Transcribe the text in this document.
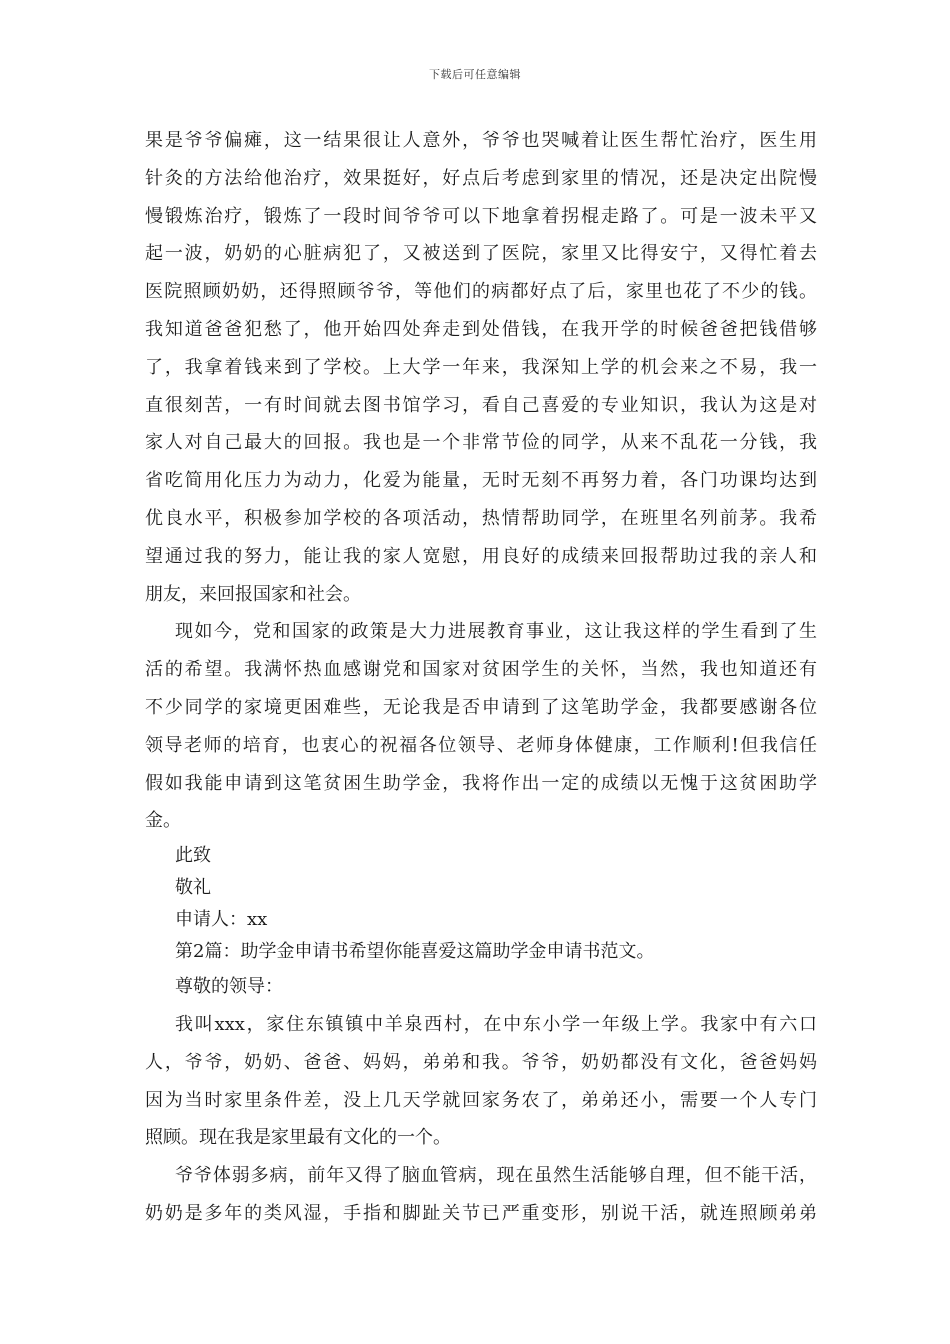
下载后可任意编辑
果是爷爷偏瘫，这一结果很让人意外，爷爷也哭喊着让医生帮忙治疗，医生用
针灸的方法给他治疗，效果挺好，好点后考虑到家里的情况，还是决定出院慢
慢锻炼治疗，锻炼了一段时间爷爷可以下地拿着拐棍走路了。可是一波未平又
起一波，奶奶的心脏病犯了，又被送到了医院，家里又比得安宁，又得忙着去
医院照顾奶奶，还得照顾爷爷，等他们的病都好点了后，家里也花了不少的钱。
我知道爸爸犯愁了，他开始四处奔走到处借钱，在我开学的时候爸爸把钱借够
了，我拿着钱来到了学校。上大学一年来，我深知上学的机会来之不易，我一
直很刻苦，一有时间就去图书馆学习，看自己喜爱的专业知识，我认为这是对
家人对自己最大的回报。我也是一个非常节俭的同学，从来不乱花一分钱，我
省吃简用化压力为动力，化爱为能量，无时无刻不再努力着，各门功课均达到
优良水平，积极参加学校的各项活动，热情帮助同学，在班里名列前茅。我希
望通过我的努力，能让我的家人宽慰，用良好的成绩来回报帮助过我的亲人和
朋友，来回报国家和社会。
现如今，党和国家的政策是大力进展教育事业，这让我这样的学生看到了生
活的希望。我满怀热血感谢党和国家对贫困学生的关怀，当然，我也知道还有
不少同学的家境更困难些，无论我是否申请到了这笔助学金，我都要感谢各位
领导老师的培育，也衷心的祝福各位领导、老师身体健康，工作顺利!但我信任
假如我能申请到这笔贫困生助学金，我将作出一定的成绩以无愧于这贫困助学
金。
此致
敬礼
申请人：xx
第2篇：助学金申请书希望你能喜爱这篇助学金申请书范文。
尊敬的领导：
我叫xxx，家住东镇镇中羊泉西村，在中东小学一年级上学。我家中有六口
人，爷爷，奶奶、爸爸、妈妈，弟弟和我。爷爷，奶奶都没有文化，爸爸妈妈
因为当时家里条件差，没上几天学就回家务农了，弟弟还小，需要一个人专门
照顾。现在我是家里最有文化的一个。
爷爷体弱多病，前年又得了脑血管病，现在虽然生活能够自理，但不能干活，
奶奶是多年的类风湿，手指和脚趾关节已严重变形，别说干活，就连照顾弟弟
